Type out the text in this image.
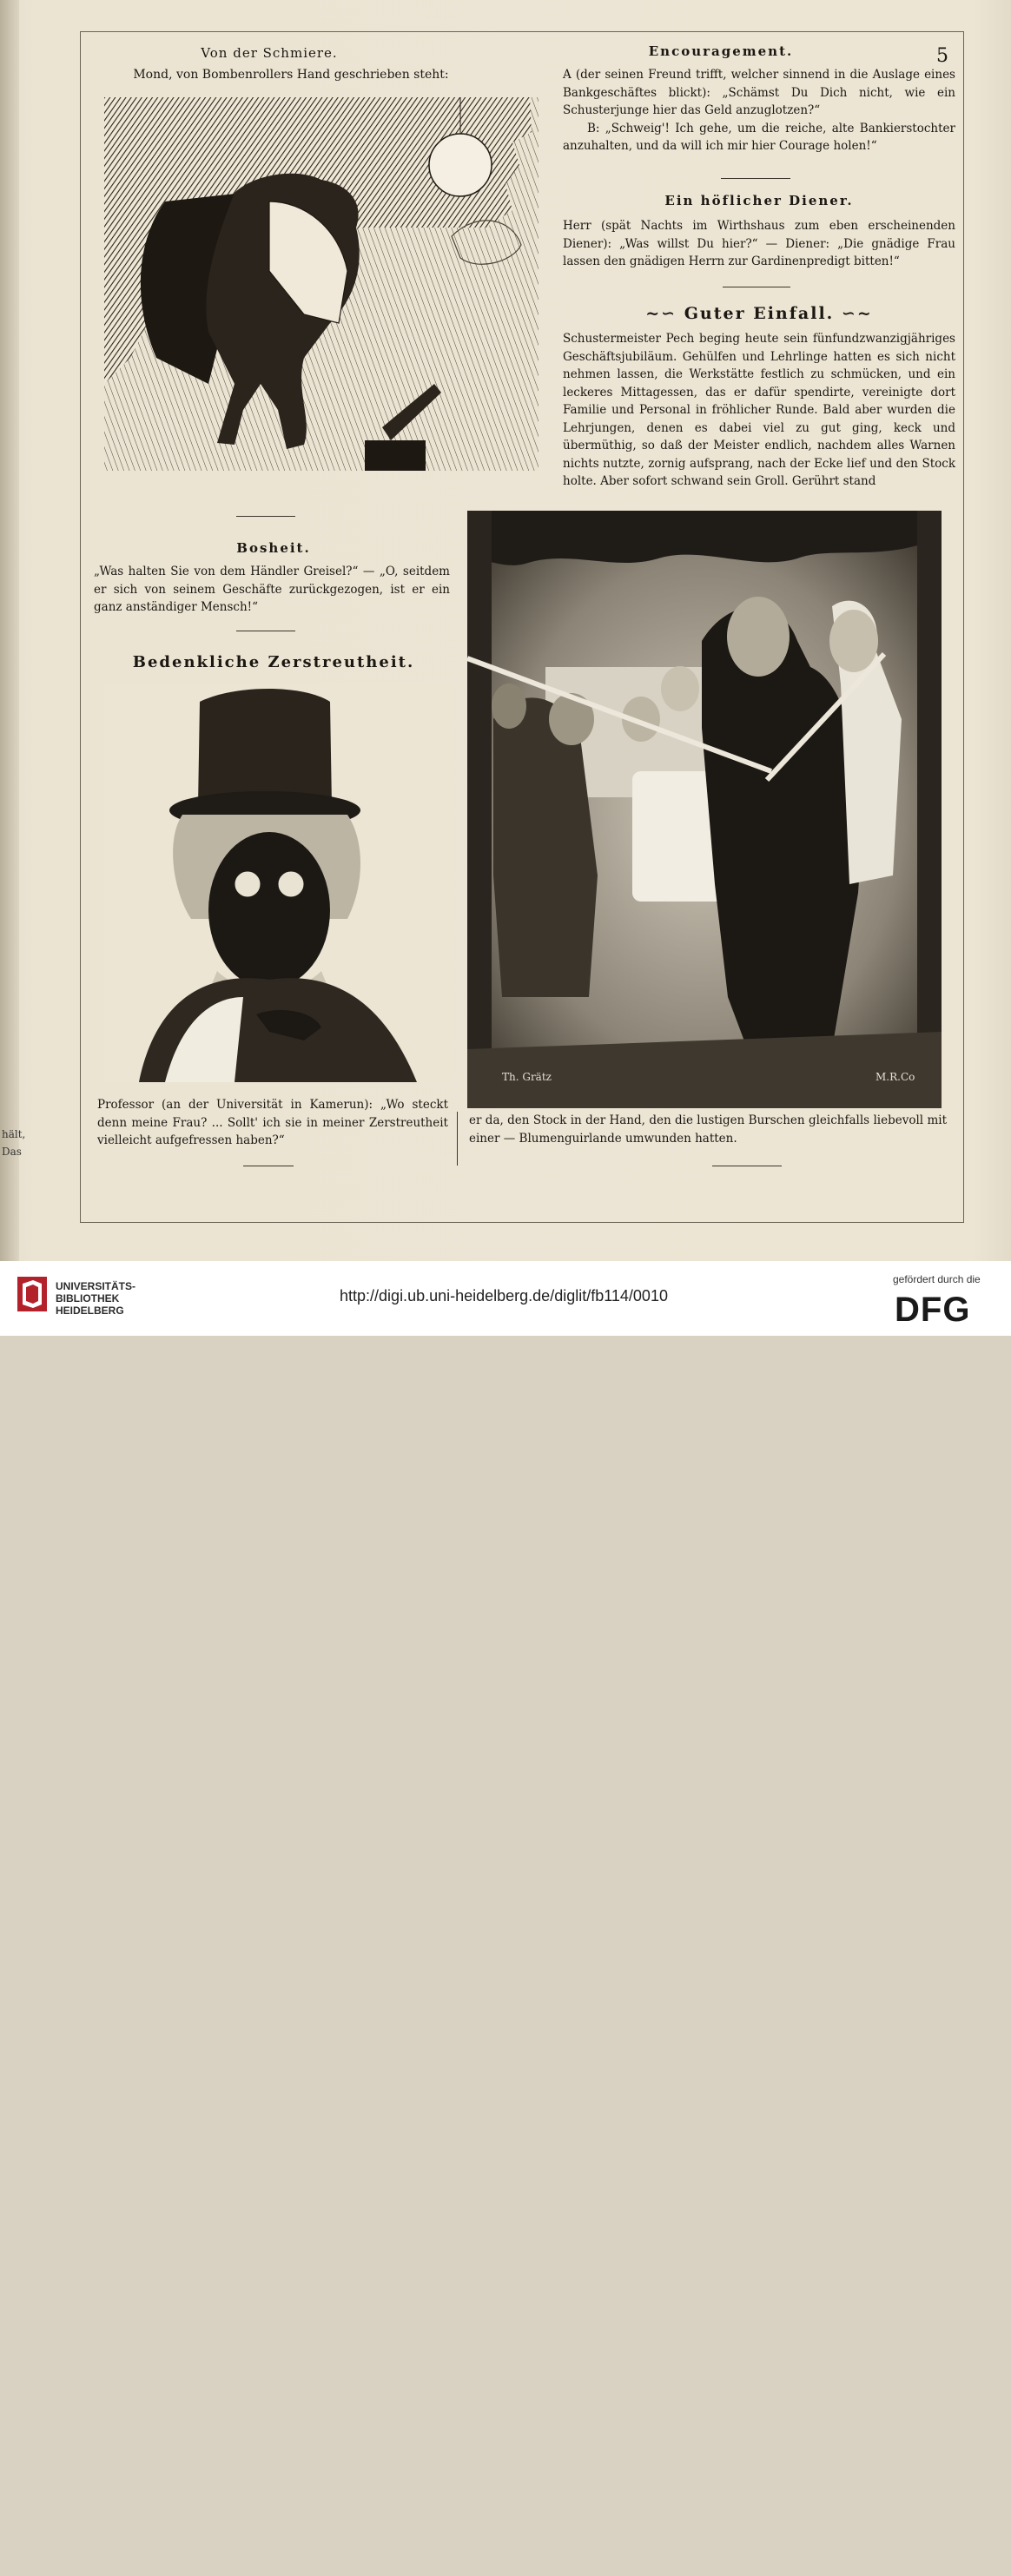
hält,
Das
Von der Schmiere.
Mond, von Bombenrollers Hand geschrieben steht:
5
Encouragement.
A (der seinen Freund trifft, welcher sinnend in die Auslage eines Bankgeschäftes blickt): „Schämst Du Dich nicht, wie ein Schusterjunge hier das Geld anzuglotzen?“
B: „Schweig'! Ich gehe, um die reiche, alte Bankierstochter anzuhalten, und da will ich mir hier Courage holen!“
Ein höflicher Diener.
Herr (spät Nachts im Wirthshaus zum eben erscheinenden Diener): „Was willst Du hier?“ — Diener: „Die gnädige Frau lassen den gnädigen Herrn zur Gardinenpredigt bitten!“
~∽ Guter Einfall. ∽~
Schustermeister Pech beging heute sein fünfundzwanzigjähriges Geschäftsjubiläum. Gehülfen und Lehrlinge hatten es sich nicht nehmen lassen, die Werkstätte festlich zu schmücken, und ein leckeres Mittagessen, das er dafür spendirte, vereinigte dort Familie und Personal in fröhlicher Runde. Bald aber wurden die Lehrjungen, denen es dabei viel zu gut ging, keck und übermüthig, so daß der Meister endlich, nachdem alles Warnen nichts nutzte, zornig aufsprang, nach der Ecke lief und den Stock holte. Aber sofort schwand sein Groll. Gerührt stand
Th. Grätz	M.R.Co
er da, den Stock in der Hand, den die lustigen Burschen gleichfalls liebevoll mit einer — Blumenguirlande umwunden hatten.
Bosheit.
„Was halten Sie von dem Händler Greisel?“ — „O, seitdem er sich von seinem Geschäfte zurückgezogen, ist er ein ganz anständiger Mensch!“
Bedenkliche Zerstreutheit.
Professor (an der Universität in Kamerun): „Wo steckt denn meine Frau? ... Sollt' ich sie in meiner Zerstreutheit vielleicht aufgefressen haben?“
UNIVERSITÄTS-
BIBLIOTHEK
HEIDELBERG
http://digi.ub.uni-heidelberg.de/diglit/fb114/0010
gefördert durch die
DFG
